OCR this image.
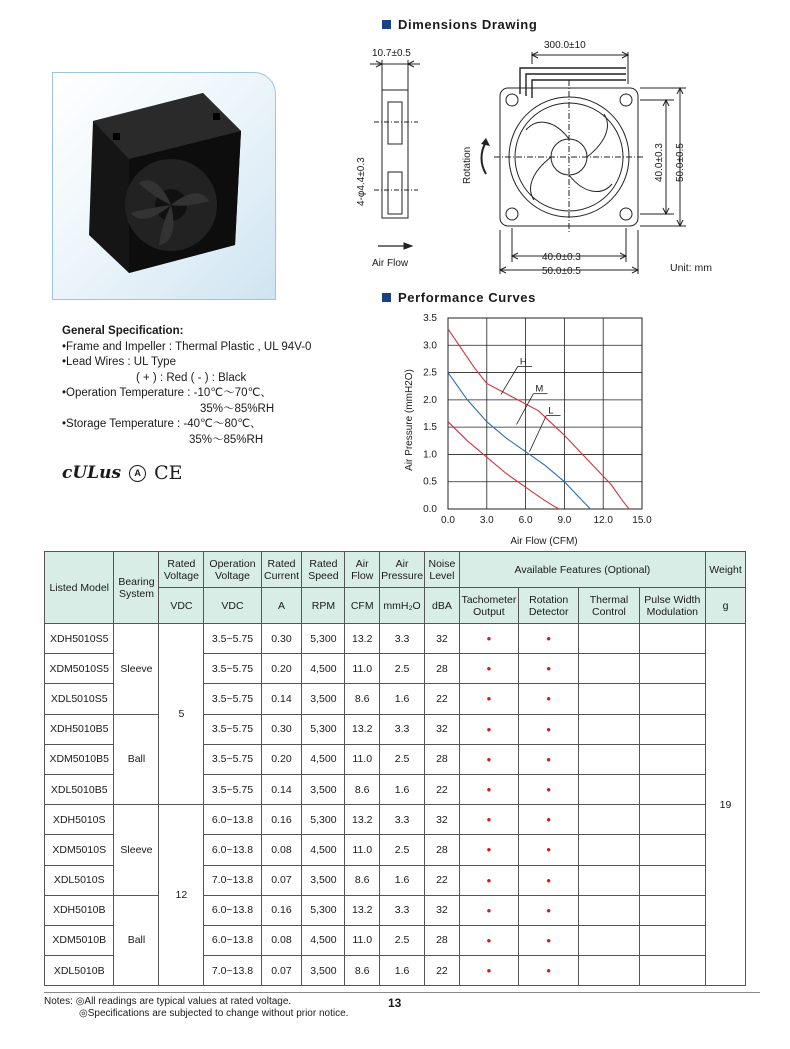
Dimensions Drawing
Performance Curves
10.7±0.5
4-φ4.4±0.3
Air Flow
300.0±10
Rotation	40.0±0.3 50.0±0.5
40.0±0.3
50.0±0.5	Unit: mm
General Specification:
•Frame and Impeller : Thermal Plastic , UL 94V-0
•Lead Wires : UL Type
( + ) : Red ( - ) : Black
•Operation Temperature : -10℃～70℃、
35%～85%RH
•Storage Temperature : -40℃～80℃、
35%～85%RH
cULus A CE
H
M
L
0.0 3.0 6.0 9.0 12.0 15.0
0.0
0.5
1.0
1.5
2.0
2.5
3.0
3.5
Air Flow (CFM)
Air Pressure (mmH2O)
Listed Model	Bearing System	Rated Voltage	Operation Voltage	Rated Current	Rated Speed	Air Flow	Air Pressure	Noise Level	Available Features (Optional)				Weight
		VDC	VDC	A	RPM	CFM	mmH₂O	dBA	Tachometer Output	Rotation Detector	Thermal Control	Pulse Width Modulation	g
XDH5010S5	Sleeve	5	3.5~5.75	0.30	5,300	13.2	3.3	32	•	•			19
XDM5010S5			3.5~5.75	0.20	4,500	11.0	2.5	28	•	•			
XDL5010S5			3.5~5.75	0.14	3,500	8.6	1.6	22	•	•			
XDH5010B5	Ball		3.5~5.75	0.30	5,300	13.2	3.3	32	•	•			
XDM5010B5			3.5~5.75	0.20	4,500	11.0	2.5	28	•	•			
XDL5010B5			3.5~5.75	0.14	3,500	8.6	1.6	22	•	•			
XDH5010S	Sleeve	12	6.0~13.8	0.16	5,300	13.2	3.3	32	•	•			
XDM5010S			6.0~13.8	0.08	4,500	11.0	2.5	28	•	•			
XDL5010S			7.0~13.8	0.07	3,500	8.6	1.6	22	•	•			
XDH5010B	Ball		6.0~13.8	0.16	5,300	13.2	3.3	32	•	•			
XDM5010B			6.0~13.8	0.08	4,500	11.0	2.5	28	•	•			
XDL5010B			7.0~13.8	0.07	3,500	8.6	1.6	22	•	•			
Notes: ◎All readings are typical values at rated voltage.
◎Specifications are subjected to change without prior notice.
13
